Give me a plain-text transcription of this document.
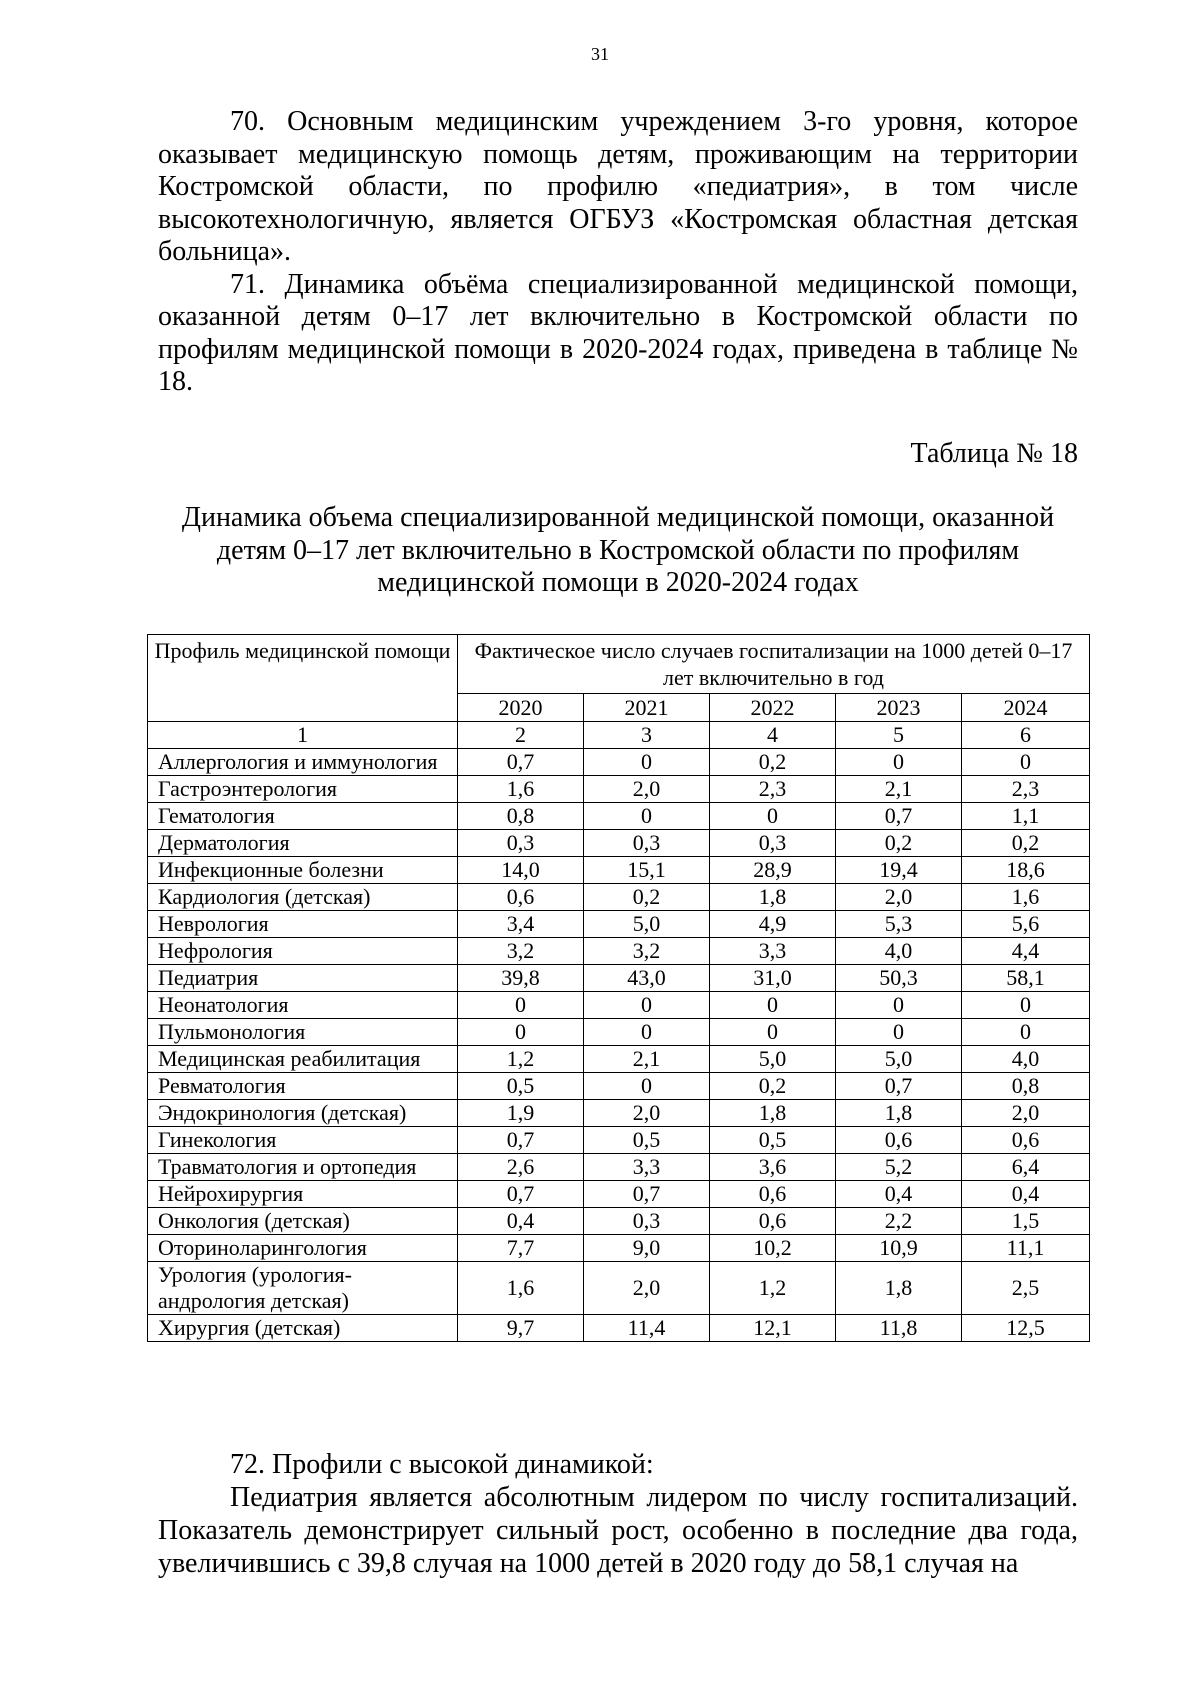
31

70. Основным медицинским учреждением 3-го уровня, которое оказывает медицинскую помощь детям, проживающим на территории Костромской области, по профилю «педиатрия», в том числе высокотехнологичную, является ОГБУЗ «Костромская областная детская больница».

71. Динамика объёма специализированной медицинской помощи, оказанной детям 0–17 лет включительно в Костромской области по профилям медицинской помощи в 2020-2024 годах, приведена в таблице № 18.

Таблица № 18
Динамика объема специализированной медицинской помощи, оказанной детям 0–17 лет включительно в Костромской области по профилям медицинской помощи в 2020-2024 годах
Профиль медицинской помощи	Фактическое число случаев госпитализации на 1000 детей 0–17 лет включительно в год				
	2020	2021	2022	2023	2024
1	2	3	4	5	6
Аллергология и иммунология	0,7	0	0,2	0	0
Гастроэнтерология	1,6	2,0	2,3	2,1	2,3
Гематология	0,8	0	0	0,7	1,1
Дерматология	0,3	0,3	0,3	0,2	0,2
Инфекционные болезни	14,0	15,1	28,9	19,4	18,6
Кардиология (детская)	0,6	0,2	1,8	2,0	1,6
Неврология	3,4	5,0	4,9	5,3	5,6
Нефрология	3,2	3,2	3,3	4,0	4,4
Педиатрия	39,8	43,0	31,0	50,3	58,1
Неонатология	0	0	0	0	0
Пульмонология	0	0	0	0	0
Медицинская реабилитация	1,2	2,1	5,0	5,0	4,0
Ревматология	0,5	0	0,2	0,7	0,8
Эндокринология (детская)	1,9	2,0	1,8	1,8	2,0
Гинекология	0,7	0,5	0,5	0,6	0,6
Травматология и ортопедия	2,6	3,3	3,6	5,2	6,4
Нейрохирургия	0,7	0,7	0,6	0,4	0,4
Онкология (детская)	0,4	0,3	0,6	2,2	1,5
Оториноларингология	7,7	9,0	10,2	10,9	11,1
Урология (урология-андрология детская)	1,6	2,0	1,2	1,8	2,5
Хирургия (детская)	9,7	11,4	12,1	11,8	12,5

72. Профили с высокой динамикой:

Педиатрия является абсолютным лидером по числу госпитализаций. Показатель демонстрирует сильный рост, особенно в последние два года, увеличившись с 39,8 случая на 1000 детей в 2020 году до 58,1 случая на
